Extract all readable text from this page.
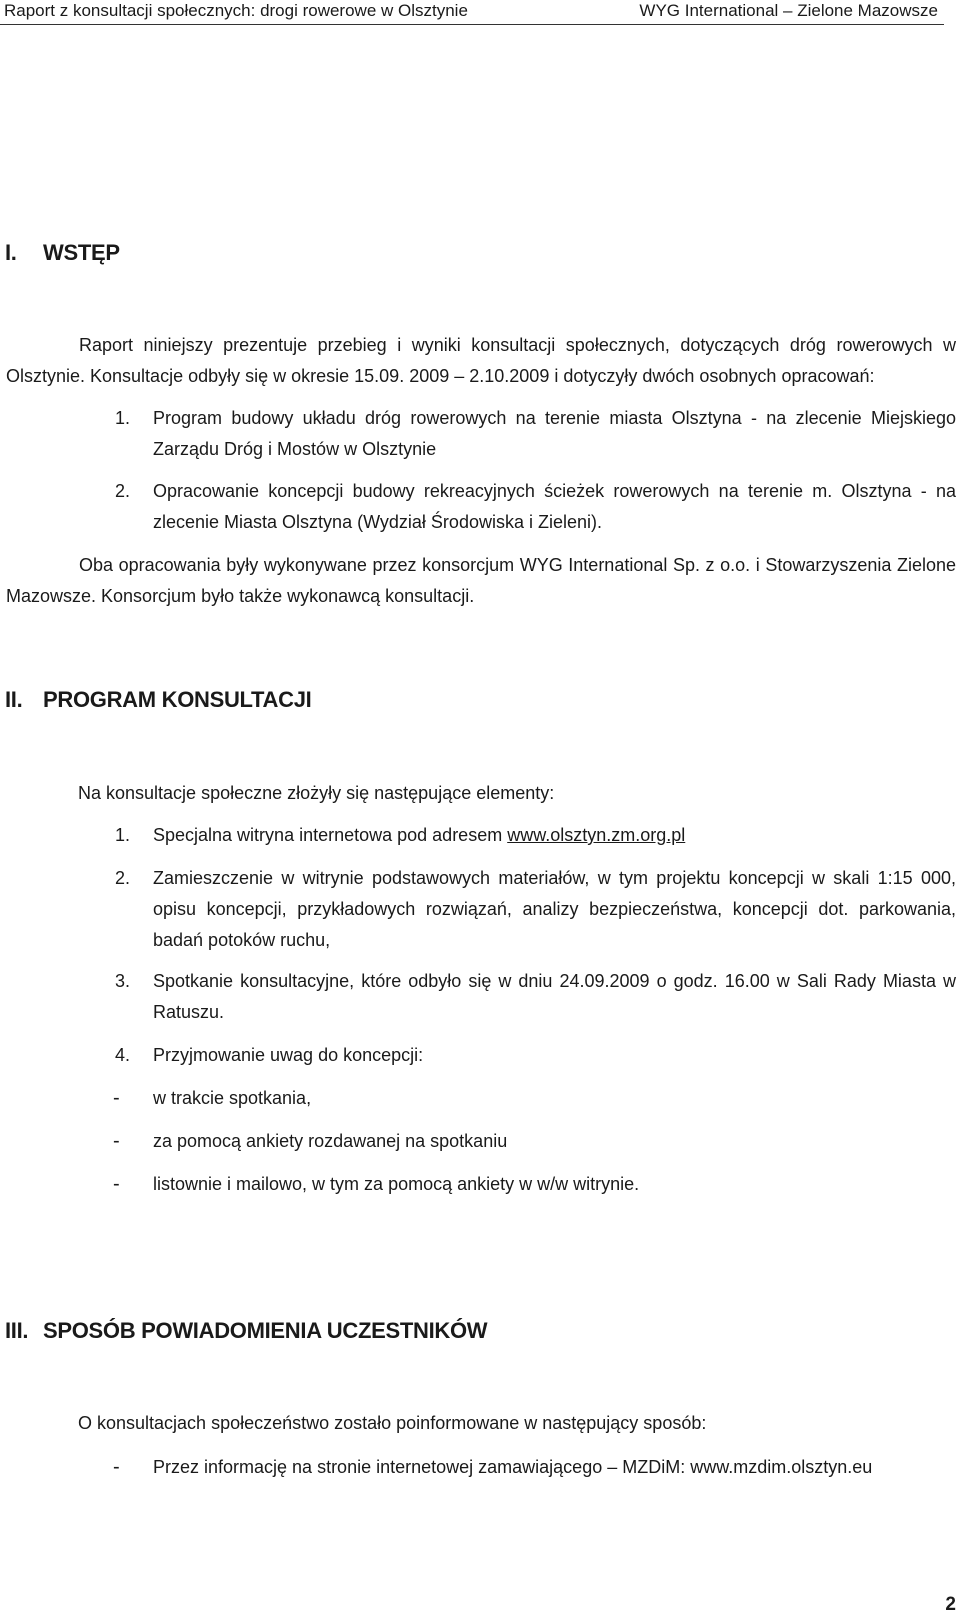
Raport z konsultacji społecznych: drogi rowerowe w Olsztynie	WYG International – Zielone Mazowsze
I. WSTĘP
Raport niniejszy prezentuje przebieg i wyniki konsultacji społecznych, dotyczących dróg rowerowych w Olsztynie. Konsultacje odbyły się w okresie 15.09. 2009 – 2.10.2009 i dotyczyły dwóch osobnych opracowań:
1. Program budowy układu dróg rowerowych na terenie miasta Olsztyna - na zlecenie Miejskiego Zarządu Dróg i Mostów w Olsztynie
2. Opracowanie koncepcji budowy rekreacyjnych ścieżek rowerowych na terenie m. Olsztyna - na zlecenie Miasta Olsztyna (Wydział Środowiska i Zieleni).
Oba opracowania były wykonywane przez konsorcjum WYG International Sp. z o.o. i Stowarzyszenia Zielone Mazowsze. Konsorcjum było także wykonawcą konsultacji.
II. PROGRAM KONSULTACJI
Na konsultacje społeczne złożyły się następujące elementy:
1. Specjalna witryna internetowa pod adresem www.olsztyn.zm.org.pl
2. Zamieszczenie w witrynie podstawowych materiałów, w tym projektu koncepcji w skali 1:15 000, opisu koncepcji, przykładowych rozwiązań, analizy bezpieczeństwa, koncepcji dot. parkowania, badań potoków ruchu,
3. Spotkanie konsultacyjne, które odbyło się w dniu 24.09.2009 o godz. 16.00 w Sali Rady Miasta w Ratuszu.
4. Przyjmowanie uwag do koncepcji:
- w trakcie spotkania,
- za pomocą ankiety rozdawanej na spotkaniu
- listownie i mailowo, w tym za pomocą ankiety w w/w witrynie.
III. SPOSÓB POWIADOMIENIA UCZESTNIKÓW
O konsultacjach społeczeństwo zostało poinformowane w następujący sposób:
- Przez informację na stronie internetowej zamawiającego – MZDiM: www.mzdim.olsztyn.eu
2
